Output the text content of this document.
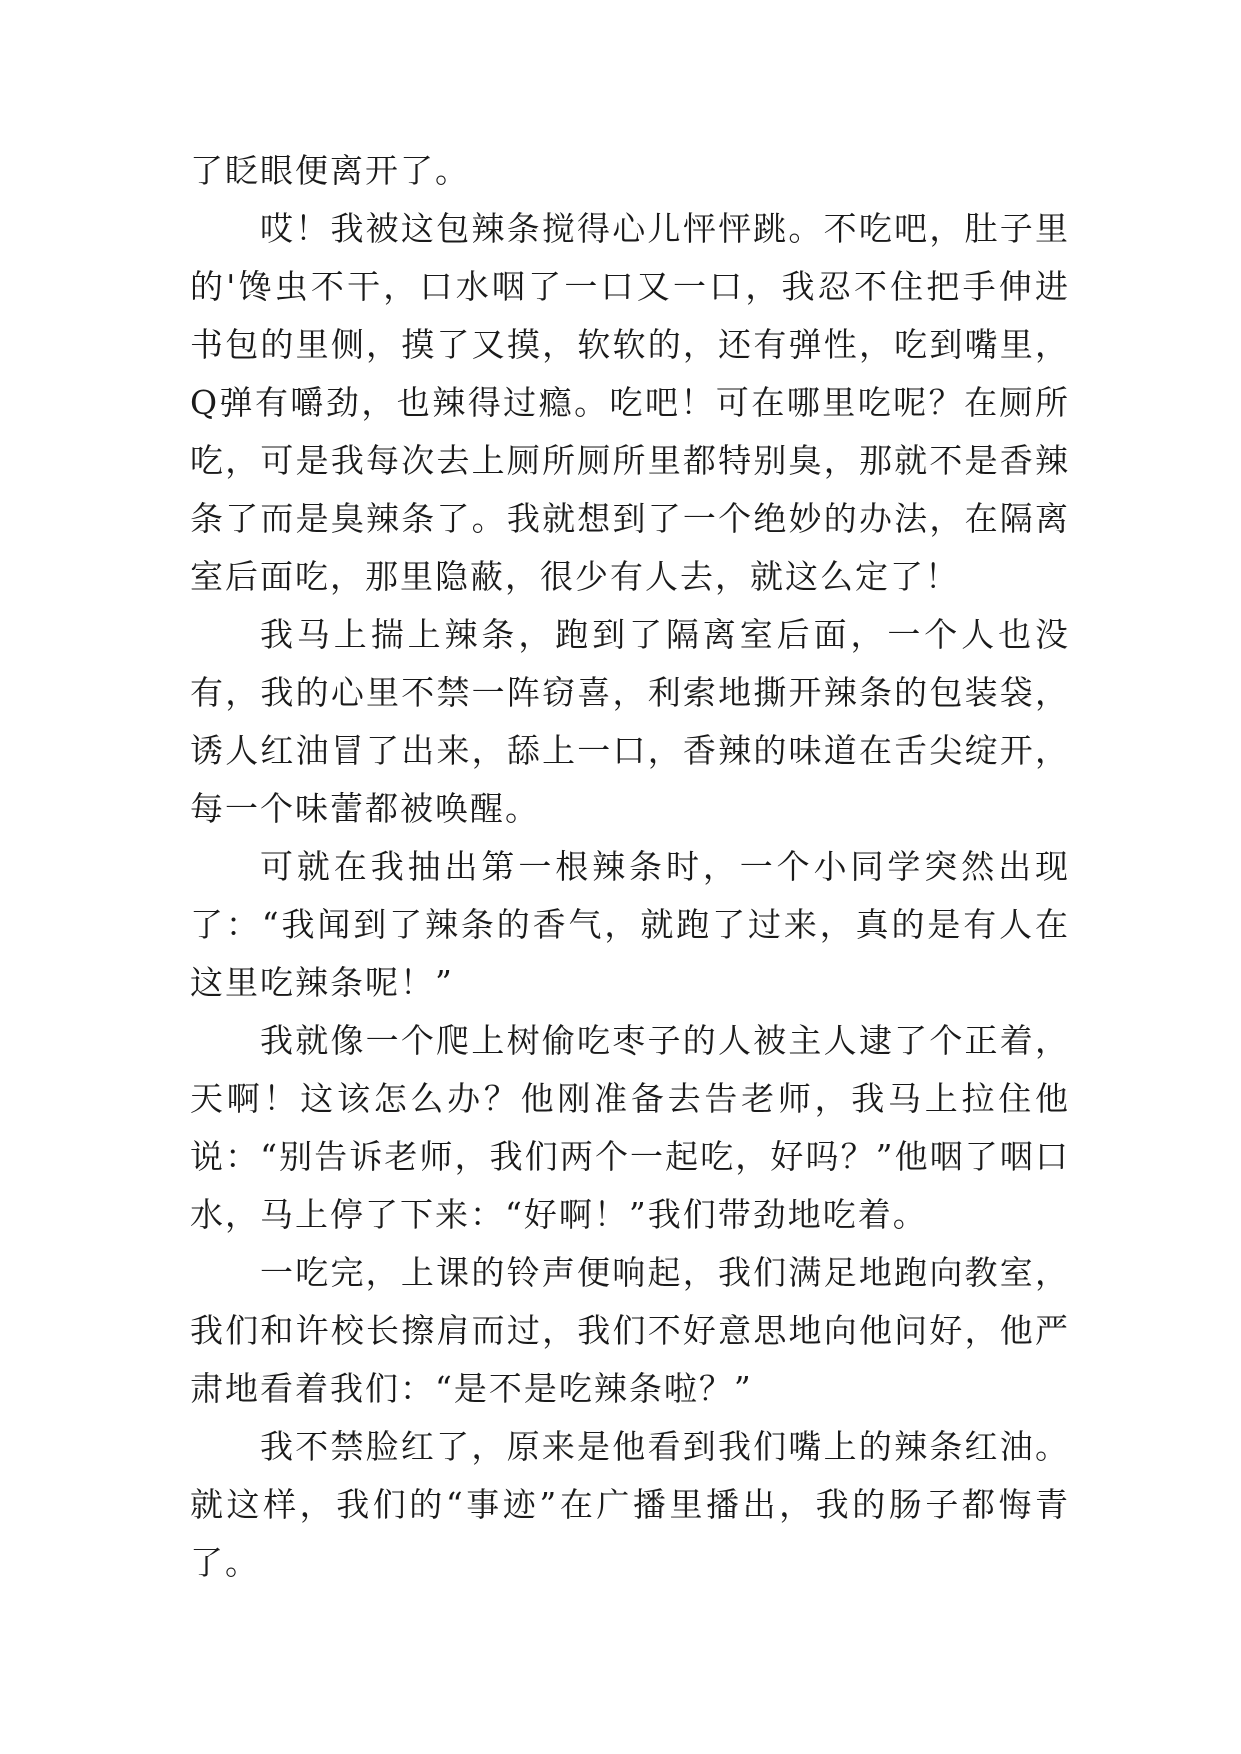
了眨眼便离开了。

哎！我被这包辣条搅得心儿怦怦跳。不吃吧，肚子里的'馋虫不干，口水咽了一口又一口，我忍不住把手伸进书包的里侧，摸了又摸，软软的，还有弹性，吃到嘴里，Q弹有嚼劲，也辣得过瘾。吃吧！可在哪里吃呢？在厕所吃，可是我每次去上厕所厕所里都特别臭，那就不是香辣条了而是臭辣条了。我就想到了一个绝妙的办法，在隔离室后面吃，那里隐蔽，很少有人去，就这么定了！

我马上揣上辣条，跑到了隔离室后面，一个人也没有，我的心里不禁一阵窃喜，利索地撕开辣条的包装袋，诱人红油冒了出来，舔上一口，香辣的味道在舌尖绽开，每一个味蕾都被唤醒。

可就在我抽出第一根辣条时，一个小同学突然出现了：“我闻到了辣条的香气，就跑了过来，真的是有人在这里吃辣条呢！”

我就像一个爬上树偷吃枣子的人被主人逮了个正着，天啊！这该怎么办？他刚准备去告老师，我马上拉住他说：“别告诉老师，我们两个一起吃，好吗？”他咽了咽口水，马上停了下来：“好啊！”我们带劲地吃着。

一吃完，上课的铃声便响起，我们满足地跑向教室，我们和许校长擦肩而过，我们不好意思地向他问好，他严肃地看着我们：“是不是吃辣条啦？”

我不禁脸红了，原来是他看到我们嘴上的辣条红油。就这样，我们的“事迹”在广播里播出，我的肠子都悔青了。
